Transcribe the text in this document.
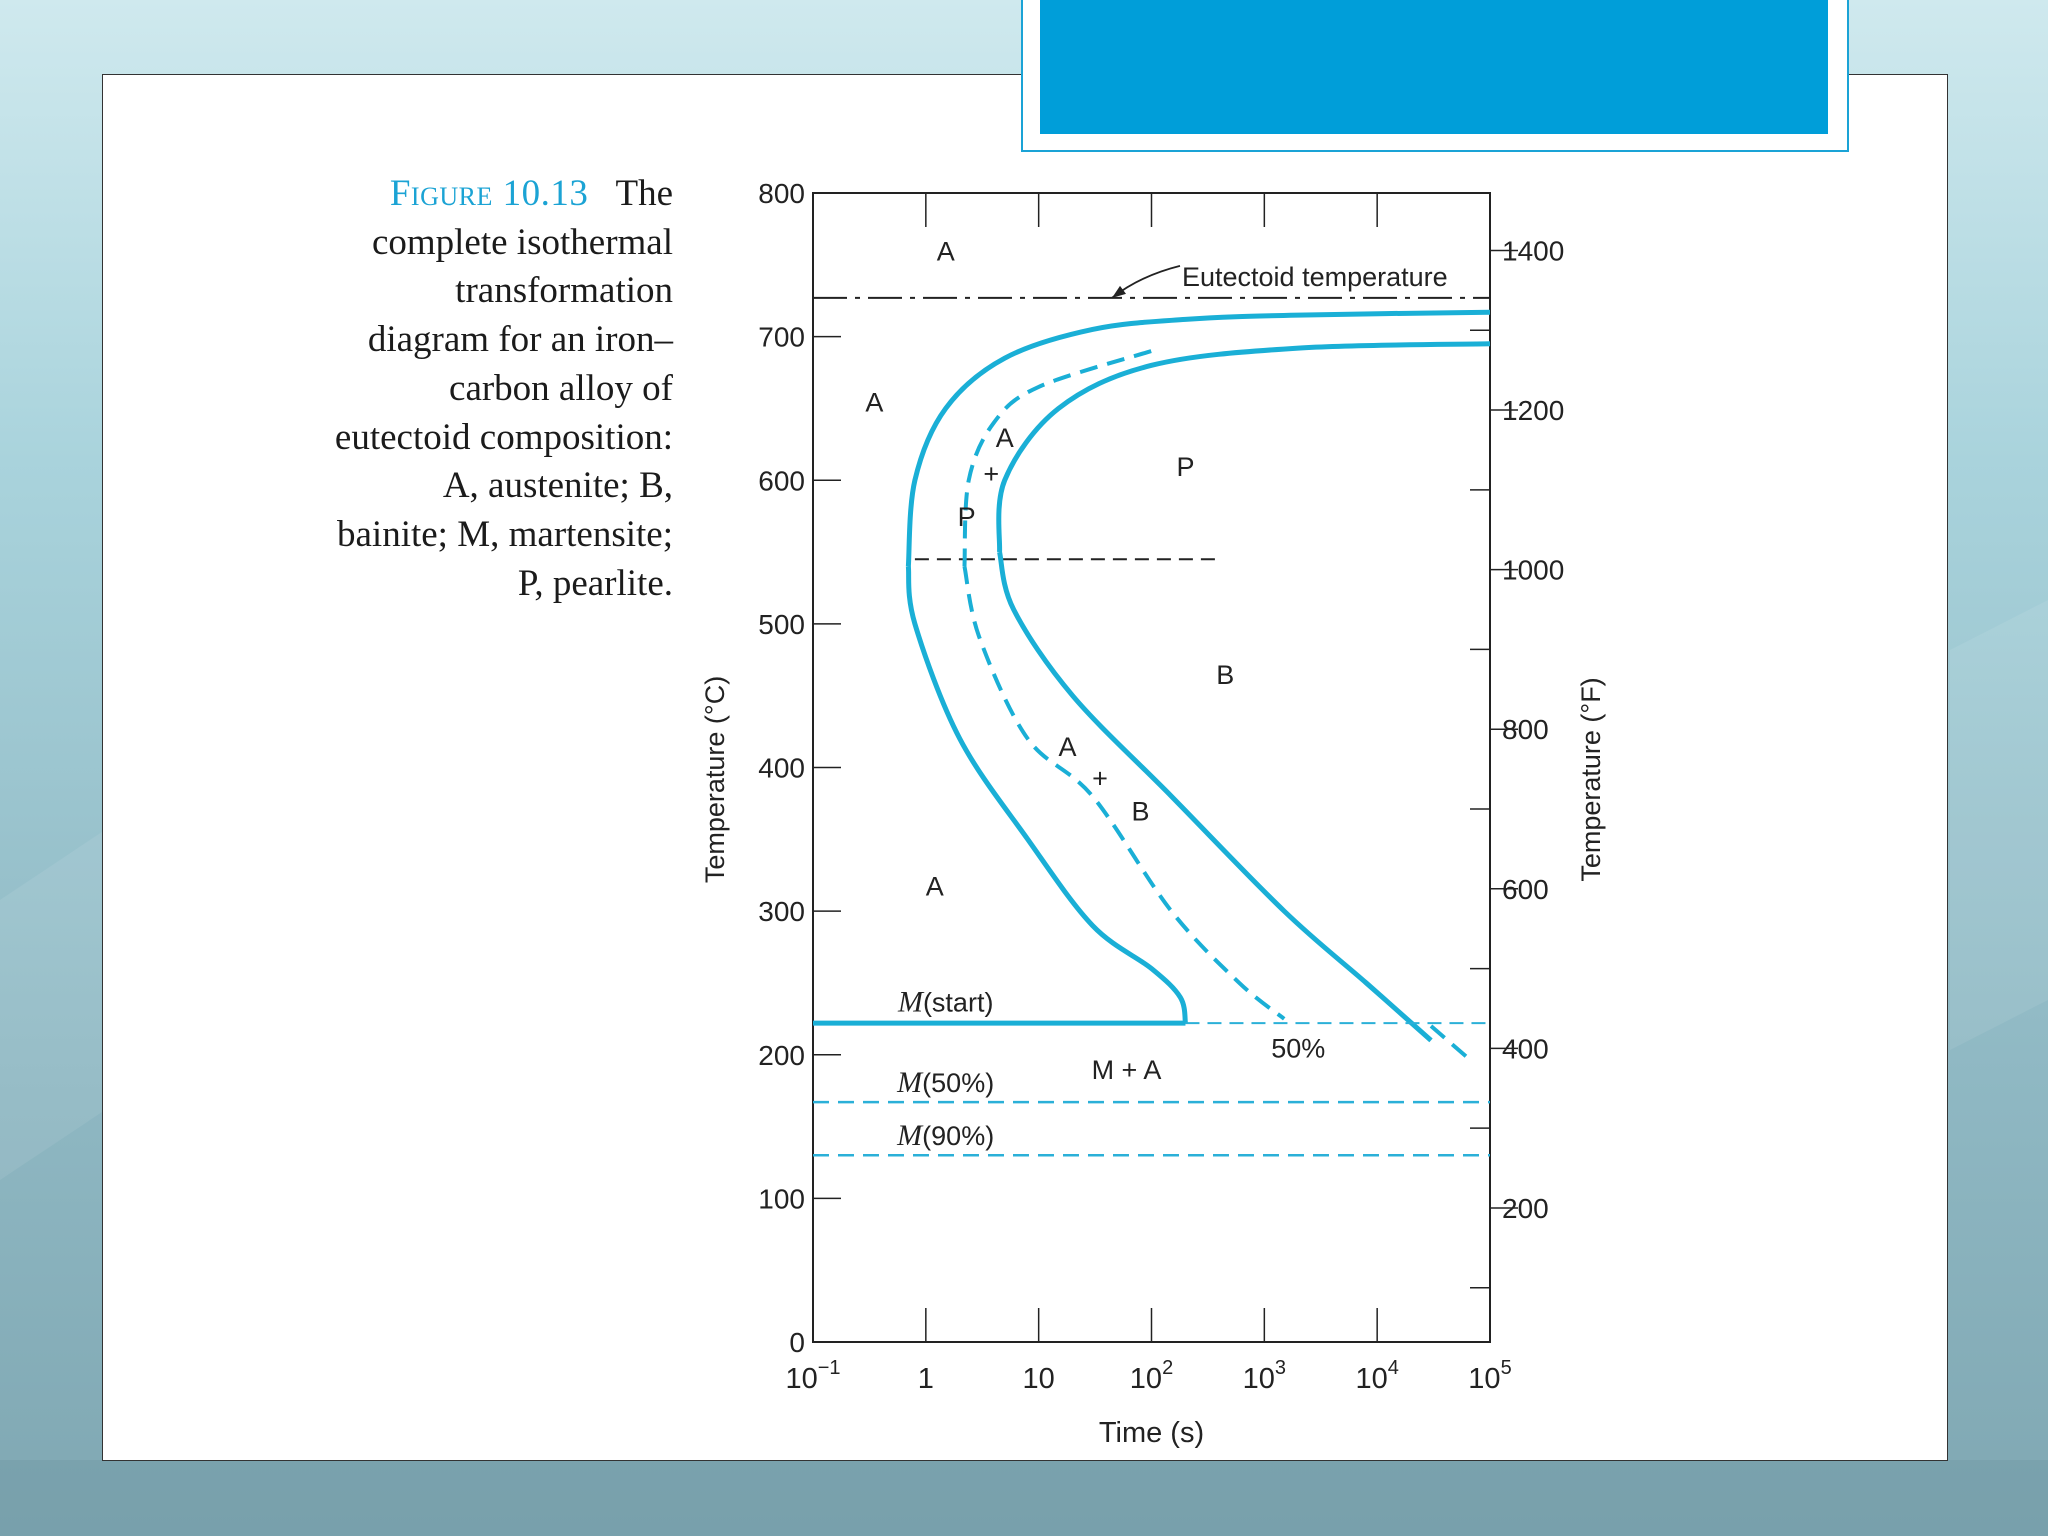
Figure 10.13 The complete isothermal transformation diagram for an iron–carbon alloy of eutectoid composition: A, austenite; B, bainite; M, martensite; P, pearlite.
0
100
200
300
400
500
600
700
800
200
400
600
800
1000
1200
1400
$10^{-1}$	1	10	$10^2$ $10^3$ $10^4$ $10^5$
Time (s)
Temperature (°C)	Temperature (°F)
Eutectoid temperature
A
A
A
+
P
P
B
A
+
B
A
M(start)
50%
M + A
M(50%)
M(90%)
